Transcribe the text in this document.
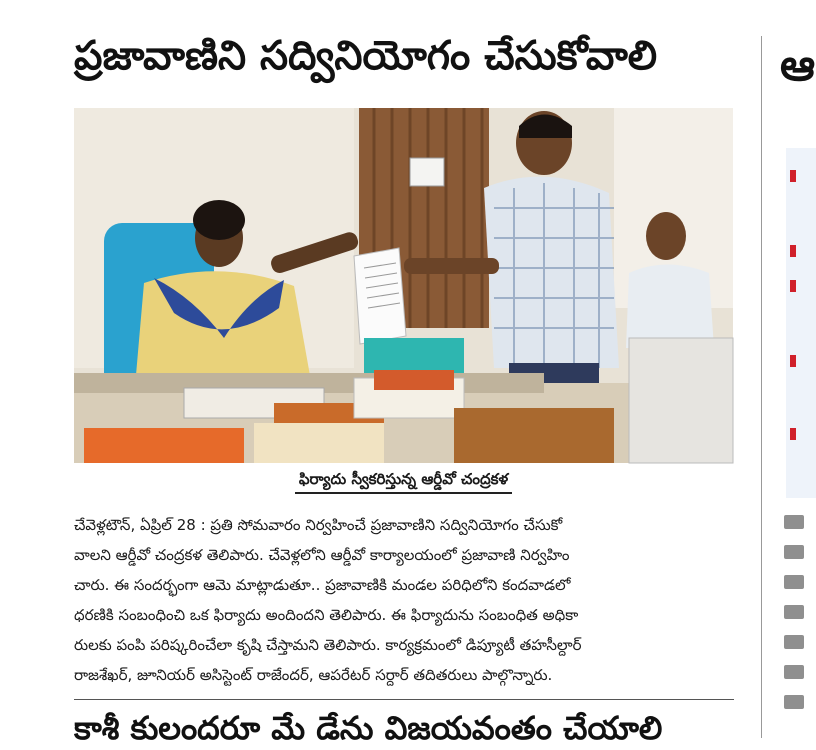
ప్రజావాణిని సద్వినియోగం చేసుకోవాలి
ఫిర్యాదు స్వీకరిస్తున్న ఆర్డీవో చంద్రకళ
చేవెళ్లటౌన్, ఏప్రిల్ 28 : ప్రతి సోమవారం నిర్వహించే ప్రజావాణిని సద్వినియోగం చేసుకో
వాలని ఆర్డీవో చంద్రకళ తెలిపారు. చేవెళ్లలోని ఆర్డీవో కార్యాలయంలో ప్రజావాణి నిర్వహిం
చారు. ఈ సందర్భంగా ఆమె మాట్లాడుతూ.. ప్రజావాణికి మండల పరిధిలోని కందవాడలో
ధరణికి సంబంధించి ఒక ఫిర్యాదు అందిందని తెలిపారు. ఈ ఫిర్యాదును సంబంధిత అధికా
రులకు పంపి పరిష్కరించేలా కృషి చేస్తామని తెలిపారు. కార్యక్రమంలో డిప్యూటీ తహసీల్దార్
రాజశేఖర్, జూనియర్ అసిస్టెంట్ రాజేందర్, ఆపరేటర్ సర్దార్ తదితరులు పాల్గొన్నారు.
కాశీ కులందరూ మే డేను విజయవంతం చేయాలి
ఆ
